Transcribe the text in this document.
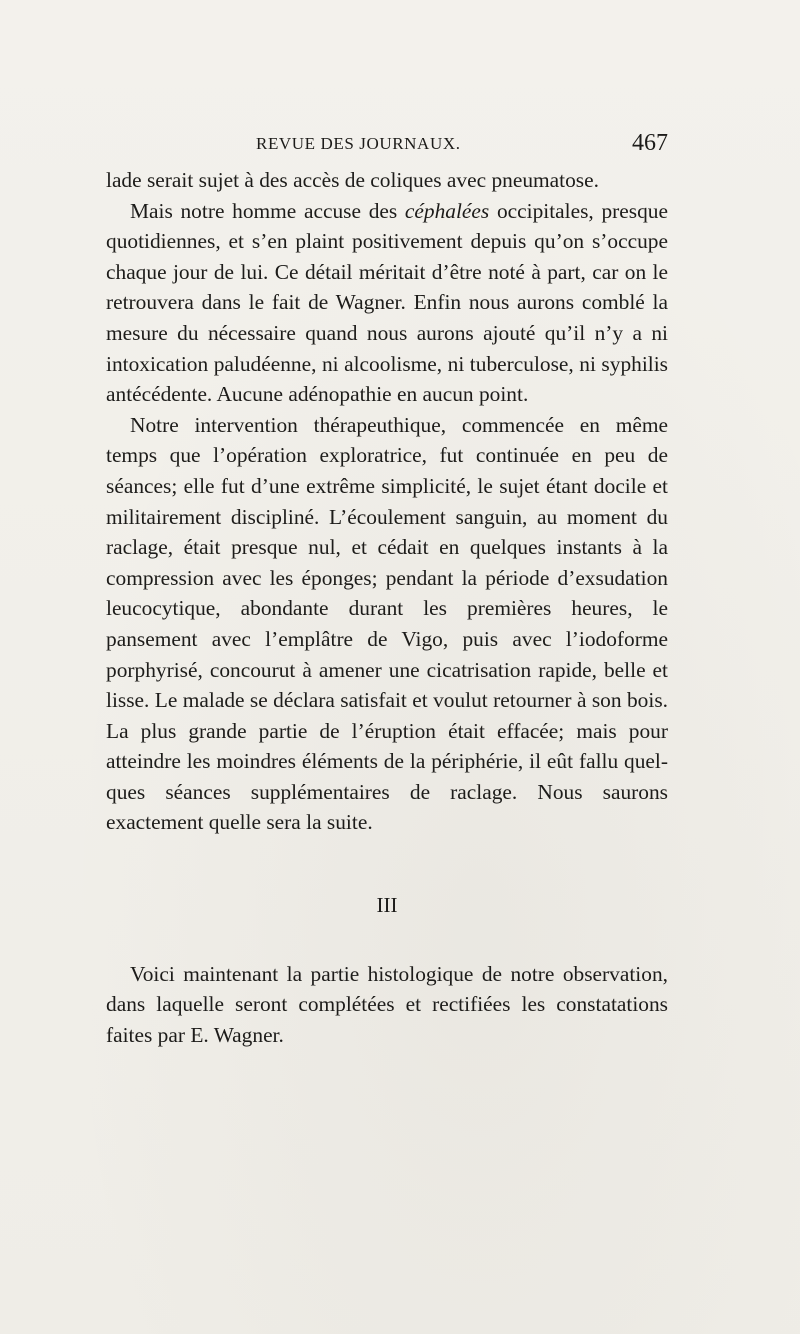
REVUE DES JOURNAUX.	467

lade serait sujet à des accès de coliques avec pneumatose.

Mais notre homme accuse des céphalées occipitales, presque quotidiennes, et s’en plaint positivement depuis qu’on s’occupe chaque jour de lui. Ce détail méritait d’être noté à part, car on le retrouvera dans le fait de Wagner. Enfin nous aurons comblé la mesure du nécessaire quand nous aurons ajouté qu’il n’y a ni intoxication paludéenne, ni alcoolisme, ni tuberculose, ni syphilis antécédente. Aucune adénopathie en aucun point.

Notre intervention thérapeuthique, commencée en même temps que l’opération exploratrice, fut continuée en peu de séances; elle fut d’une extrême simplicité, le sujet étant docile et militairement discipliné. L’écoulement sanguin, au moment du raclage, était presque nul, et cédait en quelques instants à la compression avec les éponges; pendant la période d’exsudation leucocytique, abondante durant les premières heures, le pansement avec l’emplâtre de Vigo, puis avec l’iodoforme porphyrisé, concourut à amener une cicatrisation rapide, belle et lisse. Le malade se déclara satisfait et voulut retourner à son bois. La plus grande partie de l’éruption était effacée; mais pour atteindre les moindres éléments de la périphérie, il eût fallu quelques séances supplémentaires de raclage. Nous saurons exactement quelle sera la suite.

III

Voici maintenant la partie histologique de notre observation, dans laquelle seront complétées et rectifiées les constatations faites par E. Wagner.
